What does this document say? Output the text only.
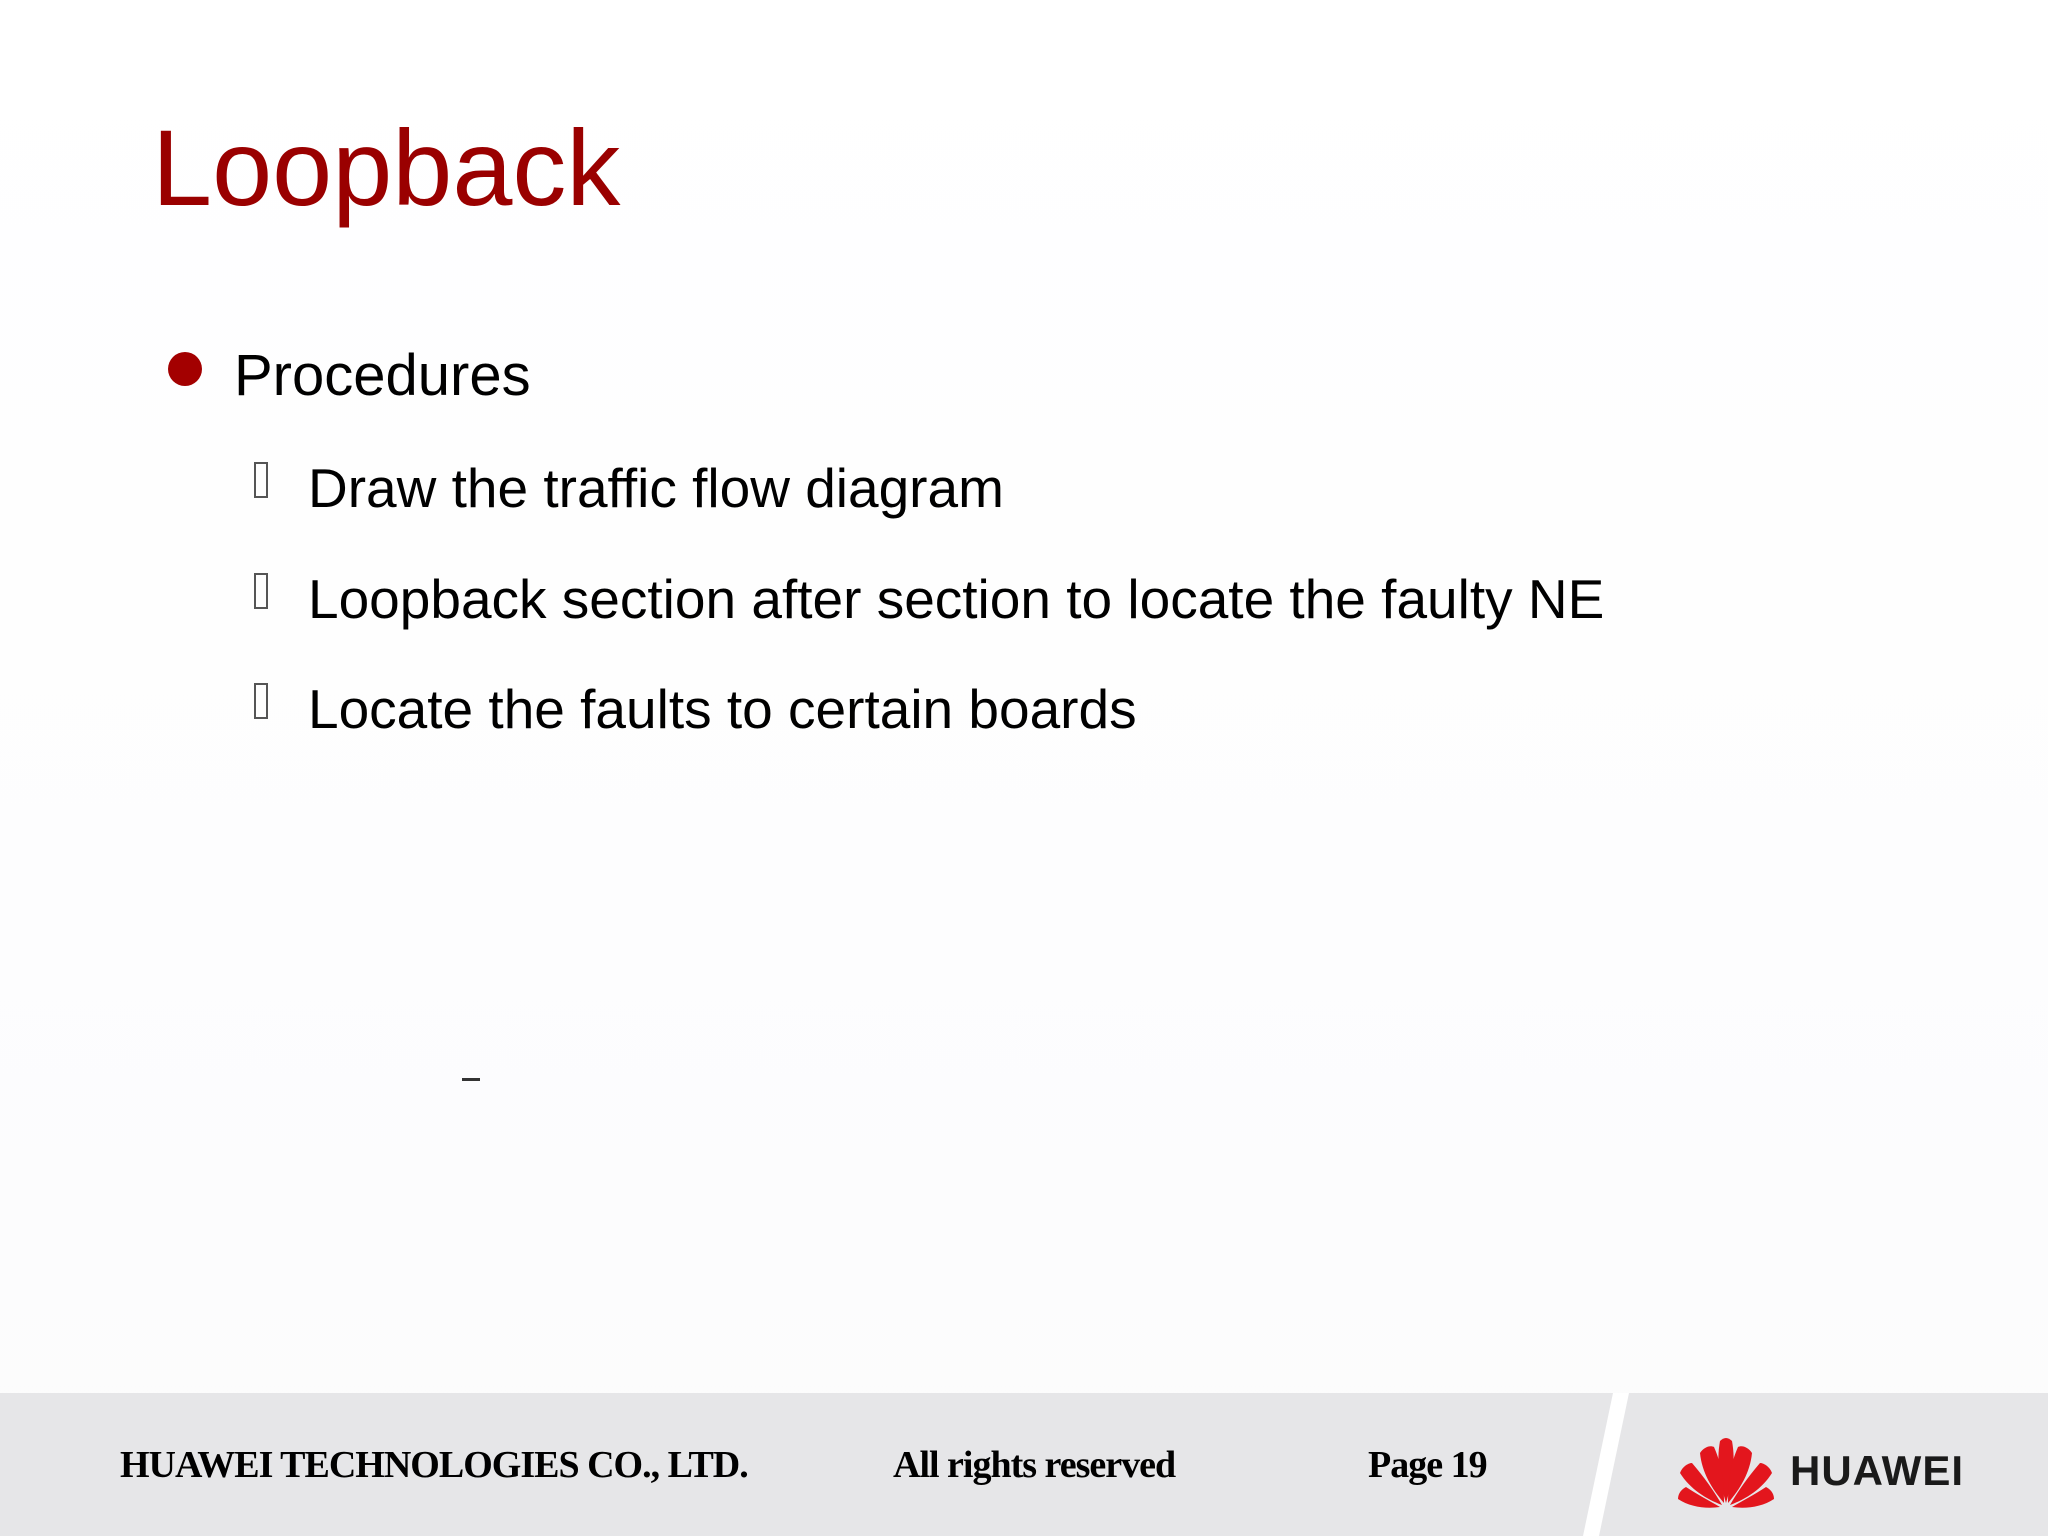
Loopback
Procedures
Draw the traffic flow diagram
Loopback section after section to locate the faulty NE
Locate the faults to certain boards
HUAWEI TECHNOLOGIES CO., LTD.	All rights reserved	Page 19	HUAWEI
